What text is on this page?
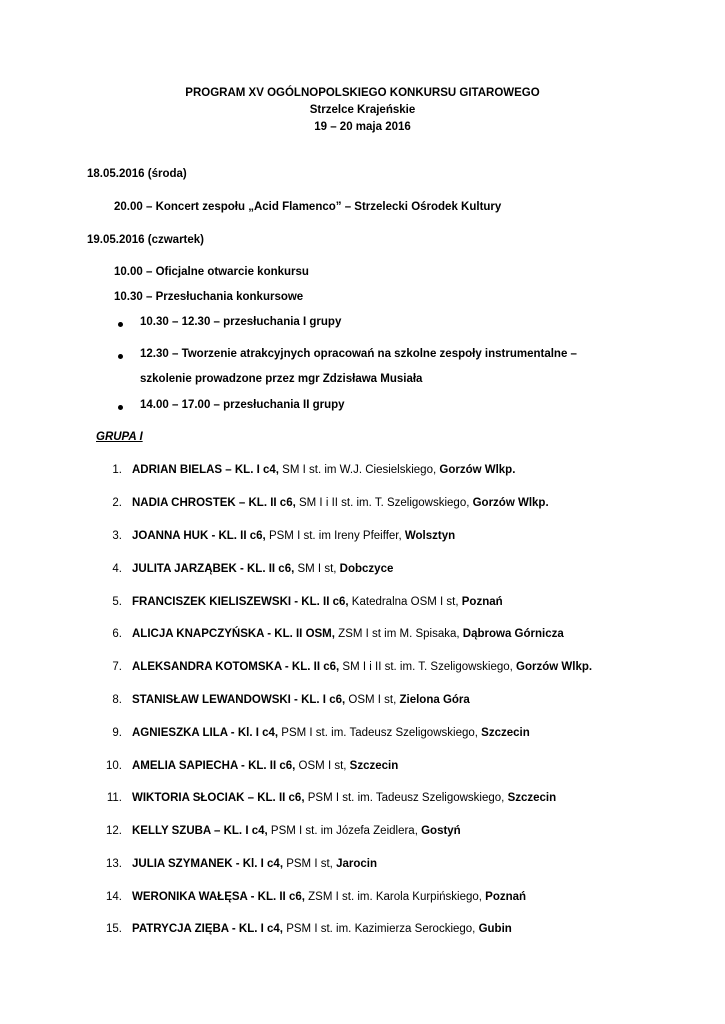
PROGRAM XV OGÓLNOPOLSKIEGO KONKURSU GITAROWEGO
Strzelce Krajeńskie
19 – 20 maja 2016
18.05.2016 (środa)
20.00 – Koncert zespołu „Acid Flamenco” – Strzelecki Ośrodek Kultury
19.05.2016 (czwartek)
10.00 – Oficjalne otwarcie konkursu
10.30 – Przesłuchania konkursowe
10.30 – 12.30 – przesłuchania I grupy
12.30 – Tworzenie atrakcyjnych opracowań na szkolne zespoły instrumentalne –
szkolenie prowadzone przez mgr Zdzisława Musiała
14.00 – 17.00 – przesłuchania II grupy
GRUPA I
1. ADRIAN BIELAS – KL. I c4, SM I st. im W.J. Ciesielskiego, Gorzów Wlkp.
2. NADIA CHROSTEK – KL. II c6, SM I i II st. im. T. Szeligowskiego, Gorzów Wlkp.
3. JOANNA HUK - KL. II c6, PSM I st. im Ireny Pfeiffer, Wolsztyn
4. JULITA JARZĄBEK - KL. II c6, SM I st, Dobczyce
5. FRANCISZEK KIELISZEWSKI - KL. II c6, Katedralna OSM I st, Poznań
6. ALICJA KNAPCZYŃSKA - KL. II OSM, ZSM I st im M. Spisaka, Dąbrowa Górnicza
7. ALEKSANDRA KOTOMSKA - KL. II c6, SM I i II st. im. T. Szeligowskiego, Gorzów Wlkp.
8. STANISŁAW LEWANDOWSKI - KL. I c6, OSM I st, Zielona Góra
9. AGNIESZKA LILA - Kl. I c4, PSM I st. im. Tadeusz Szeligowskiego, Szczecin
10. AMELIA SAPIECHA - KL. II c6, OSM I st, Szczecin
11. WIKTORIA SŁOCIAK – KL. II c6, PSM I st. im. Tadeusz Szeligowskiego, Szczecin
12. KELLY SZUBA – KL. I c4, PSM I st. im Józefa Zeidlera, Gostyń
13. JULIA SZYMANEK - Kl. I c4, PSM I st, Jarocin
14. WERONIKA WAŁĘSA - KL. II c6, ZSM I st. im. Karola Kurpińskiego, Poznań
15. PATRYCJA ZIĘBA - KL. I c4, PSM I st. im. Kazimierza Serockiego, Gubin
